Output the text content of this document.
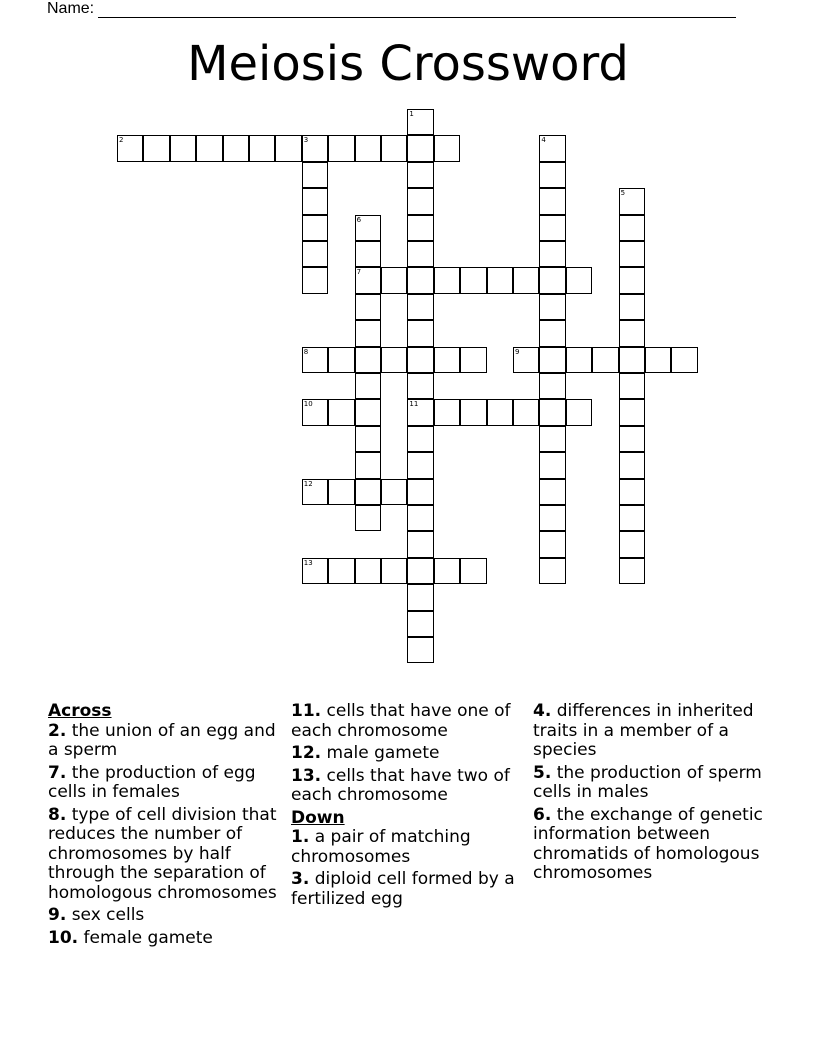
Name:
Meiosis Crossword
2	3
7
8	9
10	11
12
13
1
4
5
6

Across

2. the union of an egg and a sperm

7. the production of egg cells in females

8. type of cell division that reduces the number of chromosomes by half through the separation of homologous chromosomes

9. sex cells

10. female gamete

11. cells that have one of each chromosome

12. male gamete

13. cells that have two of each chromosome

Down

1. a pair of matching chromosomes

3. diploid cell formed by a fertilized egg

4. differences in inherited traits in a member of a species

5. the production of sperm cells in males

6. the exchange of genetic information between chromatids of homologous chromosomes
